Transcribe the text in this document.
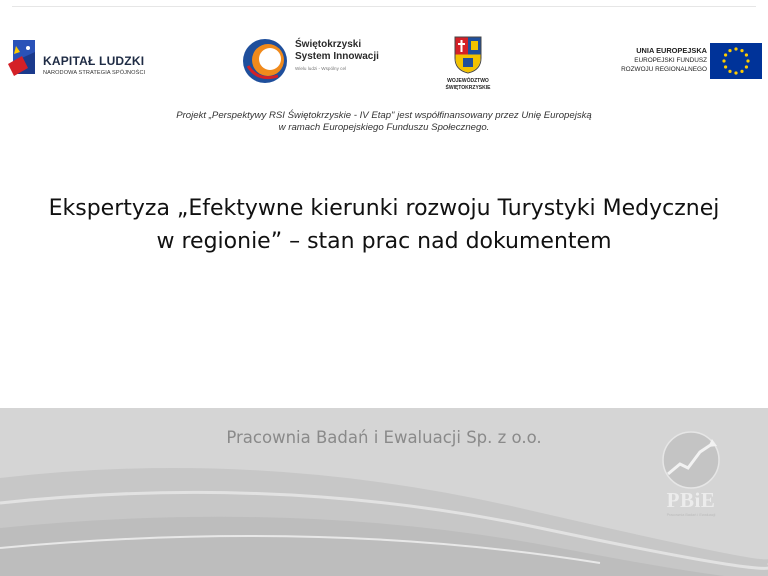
KAPITAŁ LUDZKI
NARODOWA STRATEGIA SPÓJNOŚCI
Świętokrzyski
System Innowacji
Wielu ludzi - Wspólny cel
WOJEWÓDZTWO
ŚWIĘTOKRZYSKIE
UNIA EUROPEJSKA
EUROPEJSKI FUNDUSZ
ROZWOJU REGIONALNEGO
Projekt „Perspektywy RSI Świętokrzyskie - IV Etap" jest współfinansowany przez Unię Europejską
w ramach Europejskiego Funduszu Społecznego.
Ekspertyza „Efektywne kierunki rozwoju Turystyki Medycznej w regionie” – stan prac nad dokumentem
Pracownia Badań i Ewaluacji Sp. z o.o.
PBiE
Pracownia Badań i Ewaluacji
